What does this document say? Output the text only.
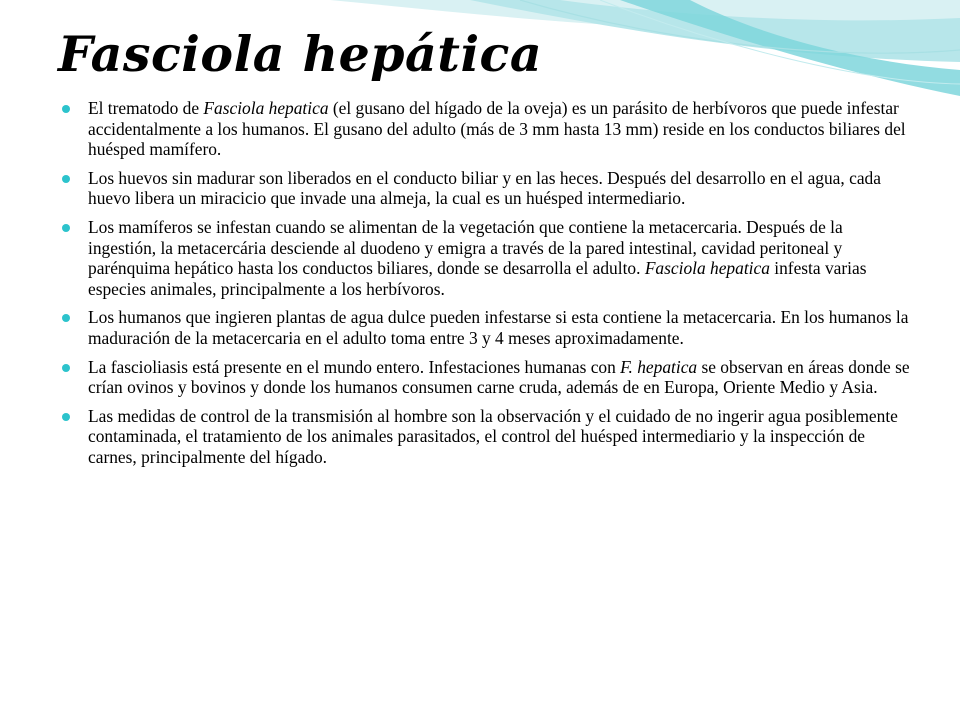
Fasciola hepática
El trematodo de Fasciola hepatica (el gusano del hígado de la oveja) es un parásito de herbívoros que puede infestar accidentalmente a los humanos. El gusano del adulto (más de 3 mm hasta 13 mm) reside en los conductos biliares del huésped mamífero.
Los huevos sin madurar son liberados en el conducto biliar y en las heces. Después del desarrollo en el agua, cada huevo libera un miracicio que invade una almeja, la cual es un huésped intermediario.
Los mamíferos se infestan cuando se alimentan de la vegetación que contiene la metacercaria. Después de la ingestión, la metacercária desciende al duodeno y emigra a través de la pared intestinal, cavidad peritoneal y parénquima hepático hasta los conductos biliares, donde se desarrolla el adulto. Fasciola hepatica infesta varias especies animales, principalmente a los herbívoros.
Los humanos que ingieren plantas de agua dulce pueden infestarse si esta contiene la metacercaria. En los humanos la maduración de la metacercaria en el adulto toma entre 3 y 4 meses aproximadamente.
La fascioliasis está presente en el mundo entero. Infestaciones humanas con F. hepatica se observan en áreas donde se crían ovinos y bovinos y donde los humanos consumen carne cruda, además de en Europa, Oriente Medio y Asia.
Las medidas de control de la transmisión al hombre son la observación y el cuidado de no ingerir agua posiblemente contaminada, el tratamiento de los animales parasitados, el control del huésped intermediario y la inspección de carnes, principalmente del hígado.
